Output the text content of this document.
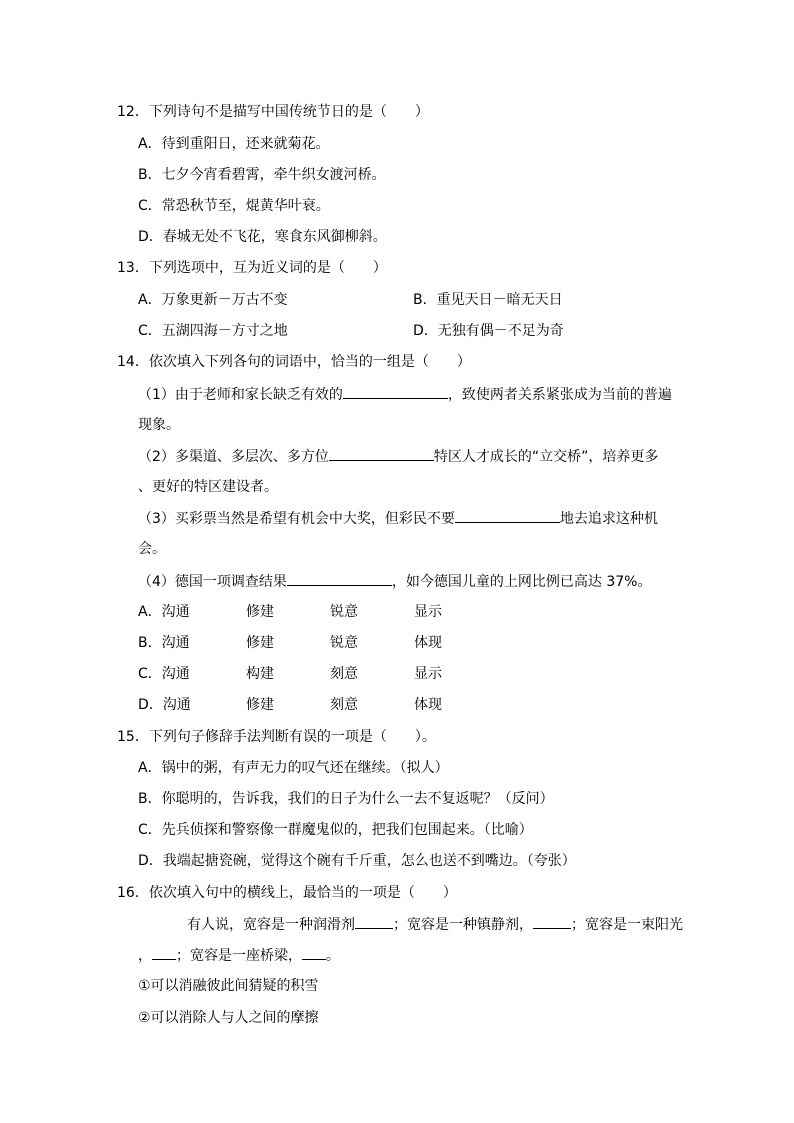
12．下列诗句不是描写中国传统节日的是（　　）
A．待到重阳日，还来就菊花。
B．七夕今宵看碧霄，牵牛织女渡河桥。
C．常恐秋节至，焜黄华叶衰。
D．春城无处不飞花，寒食东风御柳斜。
13．下列选项中，互为近义词的是（　　）
A．万象更新－万古不变	B．重见天日－暗无天日
C．五湖四海－方寸之地	D．无独有偶－不足为奇
14．依次填入下列各句的词语中，恰当的一组是（　　）
（1）由于老师和家长缺乏有效的	，致使两者关系紧张成为当前的普遍
现象。
（2）多渠道、多层次、多方位	特区人才成长的“立交桥”，培养更多
、更好的特区建设者。
（3）买彩票当然是希望有机会中大奖，但彩民不要	地去追求这种机
会。
（4）德国一项调查结果	，如今德国儿童的上网比例已高达 37%。
A．沟通	修建	锐意	显示
B．沟通	修建	锐意	体现
C．沟通	构建	刻意	显示
D．沟通	修建	刻意	体现
15．下列句子修辞手法判断有误的一项是（　　）。
A．锅中的粥，有声无力的叹气还在继续。（拟人）
B．你聪明的，告诉我，我们的日子为什么一去不复返呢？（反问）
C．先兵侦探和警察像一群魔鬼似的，把我们包围起来。（比喻）
D．我端起搪瓷碗，觉得这个碗有千斤重，怎么也送不到嘴边。（夸张）
16．依次填入句中的横线上，最恰当的一项是（　　）
有人说，宽容是一种润滑剂	；宽容是一种镇静剂，	；宽容是一束阳光
， ；宽容是一座桥梁， 。
①可以消融彼此间猜疑的积雪
②可以消除人与人之间的摩擦
